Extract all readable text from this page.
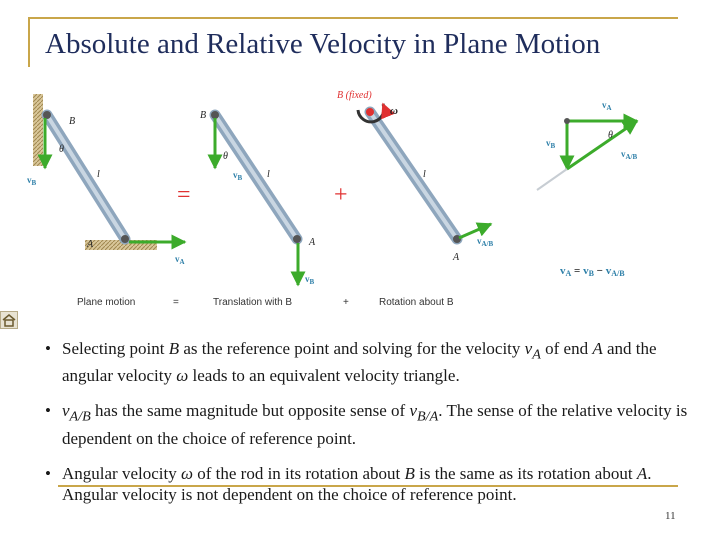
Absolute and Relative Velocity in Plane Motion
B
θ
l
A
$v_B$
$v_A$
=
B
θ
l
A
$v_B$
$v_B$
+
B (fixed)
ω
l
A
$v_{A/B}$
$v_A$
$v_B$
$v_{A/B}$
θ
vA = vB − vA/B
Plane motion	=	Translation with B	+	Rotation about B
• Selecting point B as the reference point and solving for the velocity $v_A$ of end A and the angular velocity ω leads to an equivalent velocity triangle.
• $v_{A/B}$ has the same magnitude but opposite sense of $v_{B/A}$. The sense of the relative velocity is dependent on the choice of reference point.
• Angular velocity ω of the rod in its rotation about B is the same as its rotation about A. Angular velocity is not dependent on the choice of reference point.
11
